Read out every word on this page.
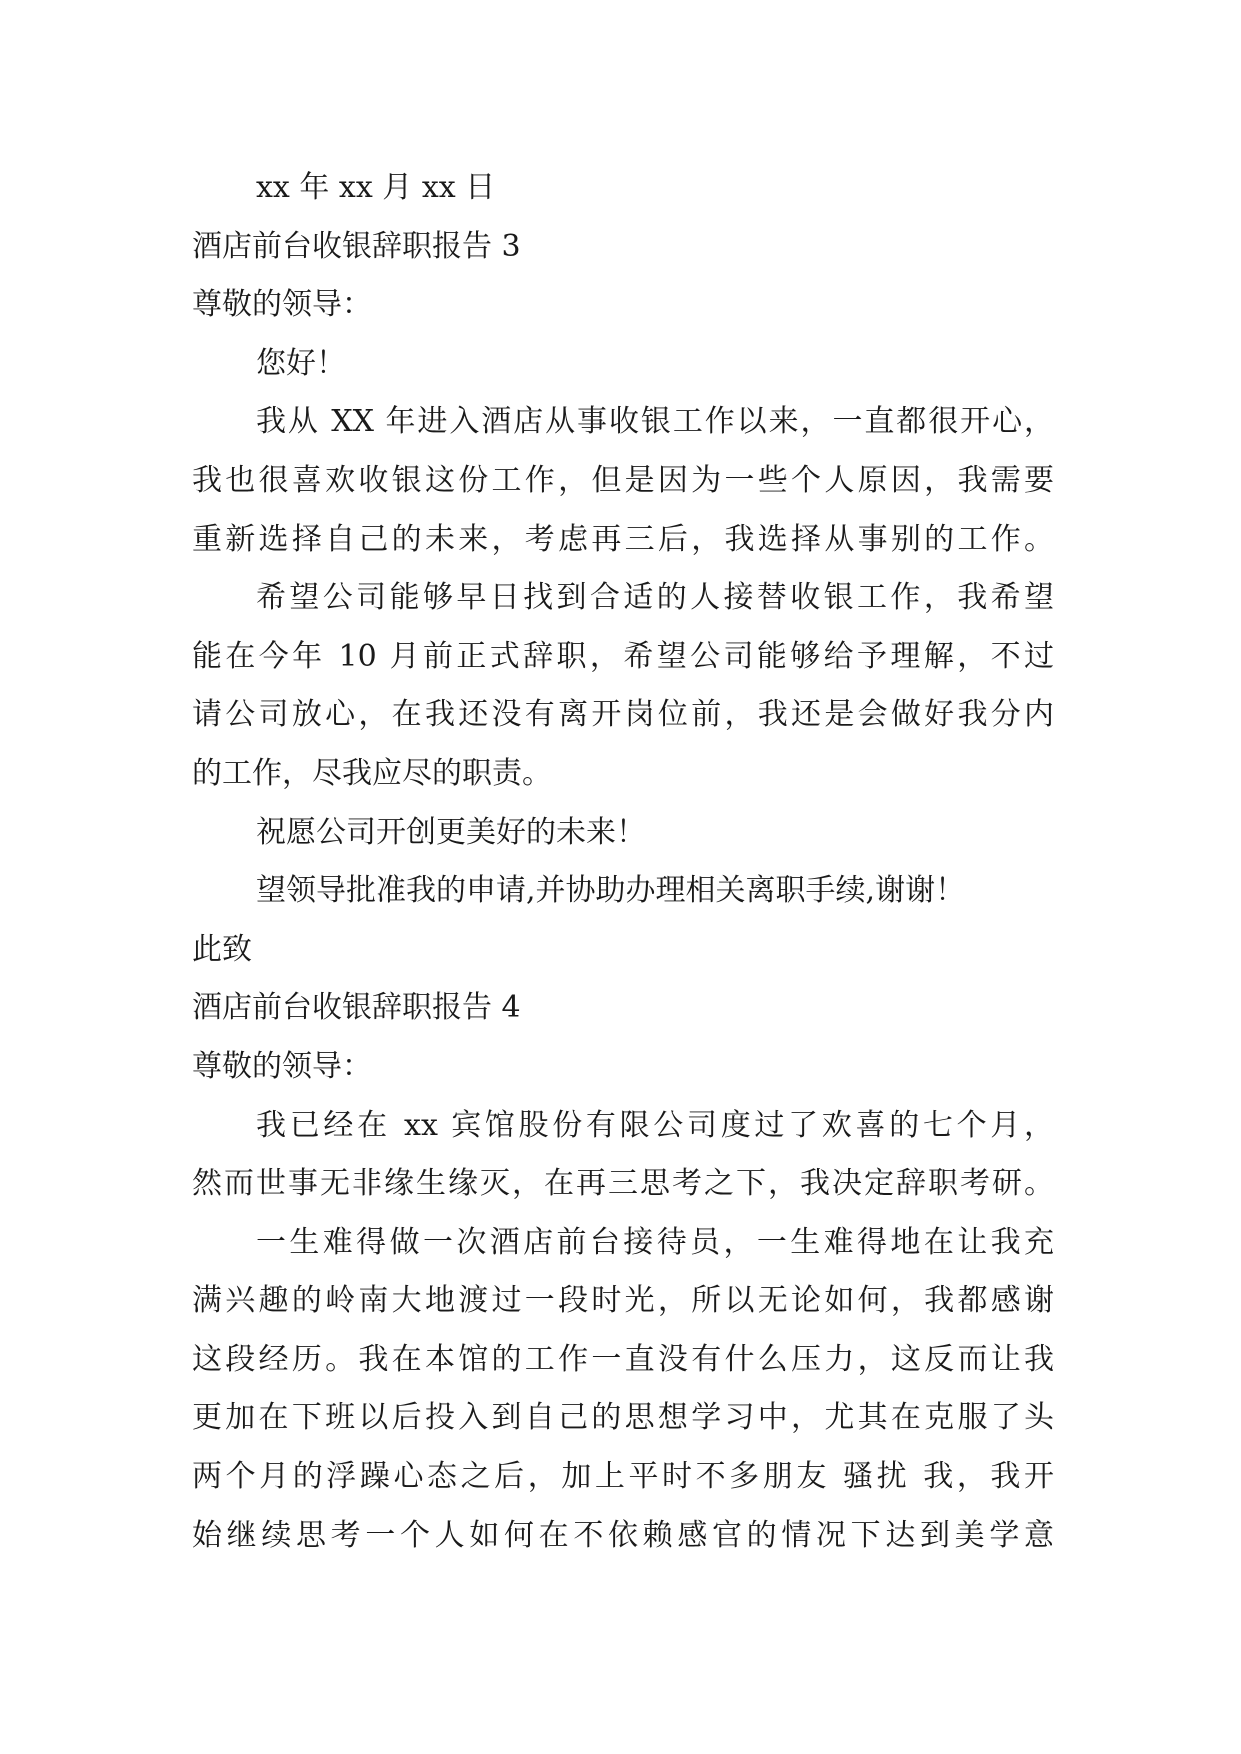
xx 年 xx 月 xx 日
酒店前台收银辞职报告 3
尊敬的领导：
您好！
我从 XX 年进入酒店从事收银工作以来，一直都很开心，
我也很喜欢收银这份工作，但是因为一些个人原因，我需要
重新选择自己的未来，考虑再三后，我选择从事别的工作。
希望公司能够早日找到合适的人接替收银工作，我希望
能在今年 10 月前正式辞职，希望公司能够给予理解，不过
请公司放心，在我还没有离开岗位前，我还是会做好我分内
的工作，尽我应尽的职责。
祝愿公司开创更美好的未来！
望领导批准我的申请,并协助办理相关离职手续,谢谢！
此致
酒店前台收银辞职报告 4
尊敬的领导：
我已经在 xx 宾馆股份有限公司度过了欢喜的七个月，
然而世事无非缘生缘灭，在再三思考之下，我决定辞职考研。
一生难得做一次酒店前台接待员，一生难得地在让我充
满兴趣的岭南大地渡过一段时光，所以无论如何，我都感谢
这段经历。我在本馆的工作一直没有什么压力，这反而让我
更加在下班以后投入到自己的思想学习中，尤其在克服了头
两个月的浮躁心态之后，加上平时不多朋友 骚扰 我，我开
始继续思考一个人如何在不依赖感官的情况下达到美学意
